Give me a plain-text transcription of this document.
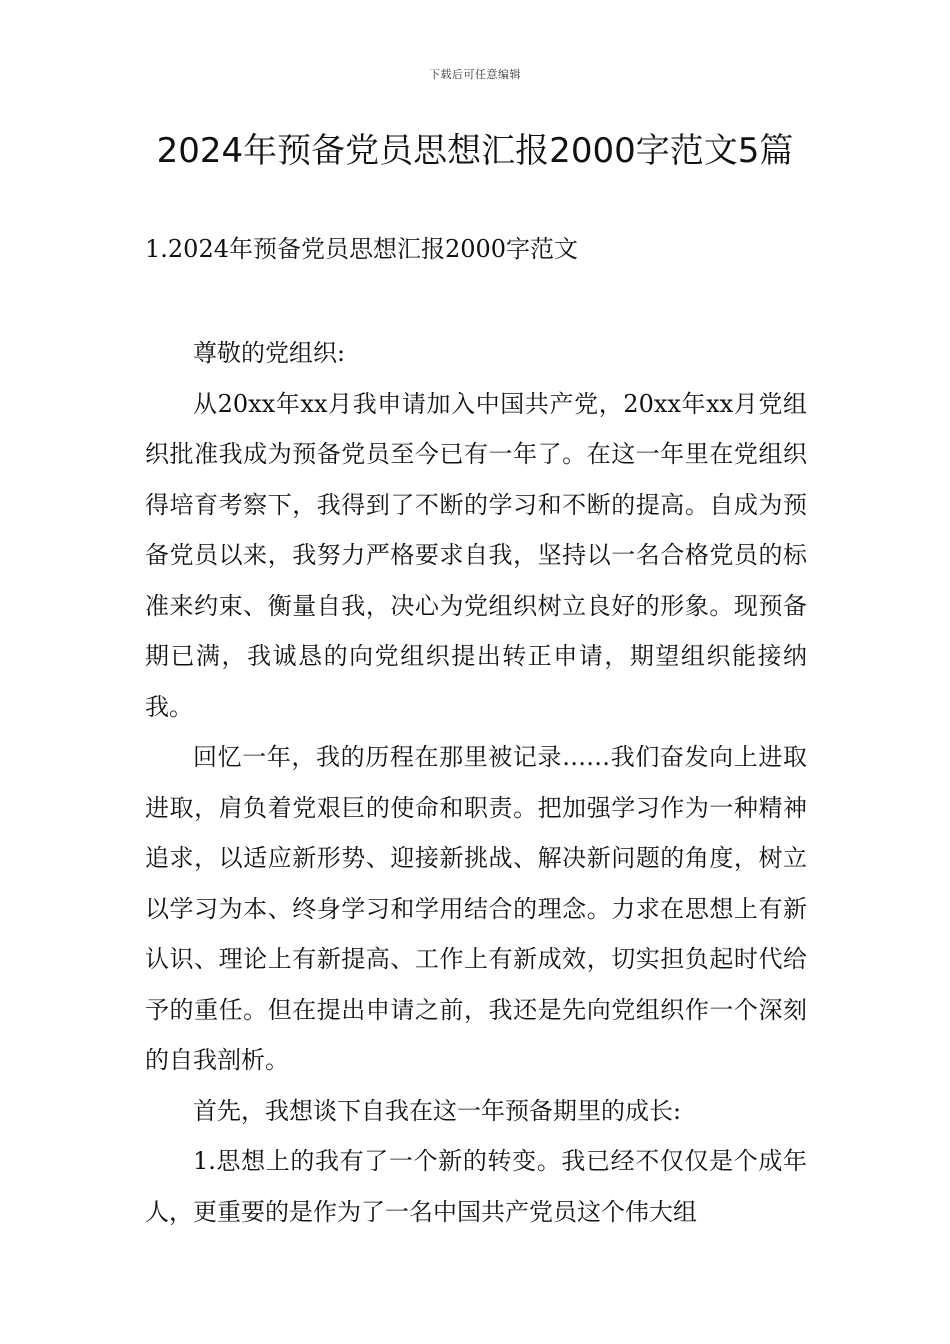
下载后可任意编辑
2024年预备党员思想汇报2000字范文5篇
1.2024年预备党员思想汇报2000字范文

尊敬的党组织:

从20xx年xx月我申请加入中国共产党，20xx年xx月党组织批准我成为预备党员至今已有一年了。在这一年里在党组织得培育考察下，我得到了不断的学习和不断的提高。自成为预备党员以来，我努力严格要求自我，坚持以一名合格党员的标准来约束、衡量自我，决心为党组织树立良好的形象。现预备期已满，我诚恳的向党组织提出转正申请，期望组织能接纳我。

回忆一年，我的历程在那里被记录……我们奋发向上进取进取，肩负着党艰巨的使命和职责。把加强学习作为一种精神追求，以适应新形势、迎接新挑战、解决新问题的角度，树立以学习为本、终身学习和学用结合的理念。力求在思想上有新认识、理论上有新提高、工作上有新成效，切实担负起时代给予的重任。但在提出申请之前，我还是先向党组织作一个深刻的自我剖析。

首先，我想谈下自我在这一年预备期里的成长:

1.思想上的我有了一个新的转变。我已经不仅仅是个成年人，更重要的是作为了一名中国共产党员这个伟大组
